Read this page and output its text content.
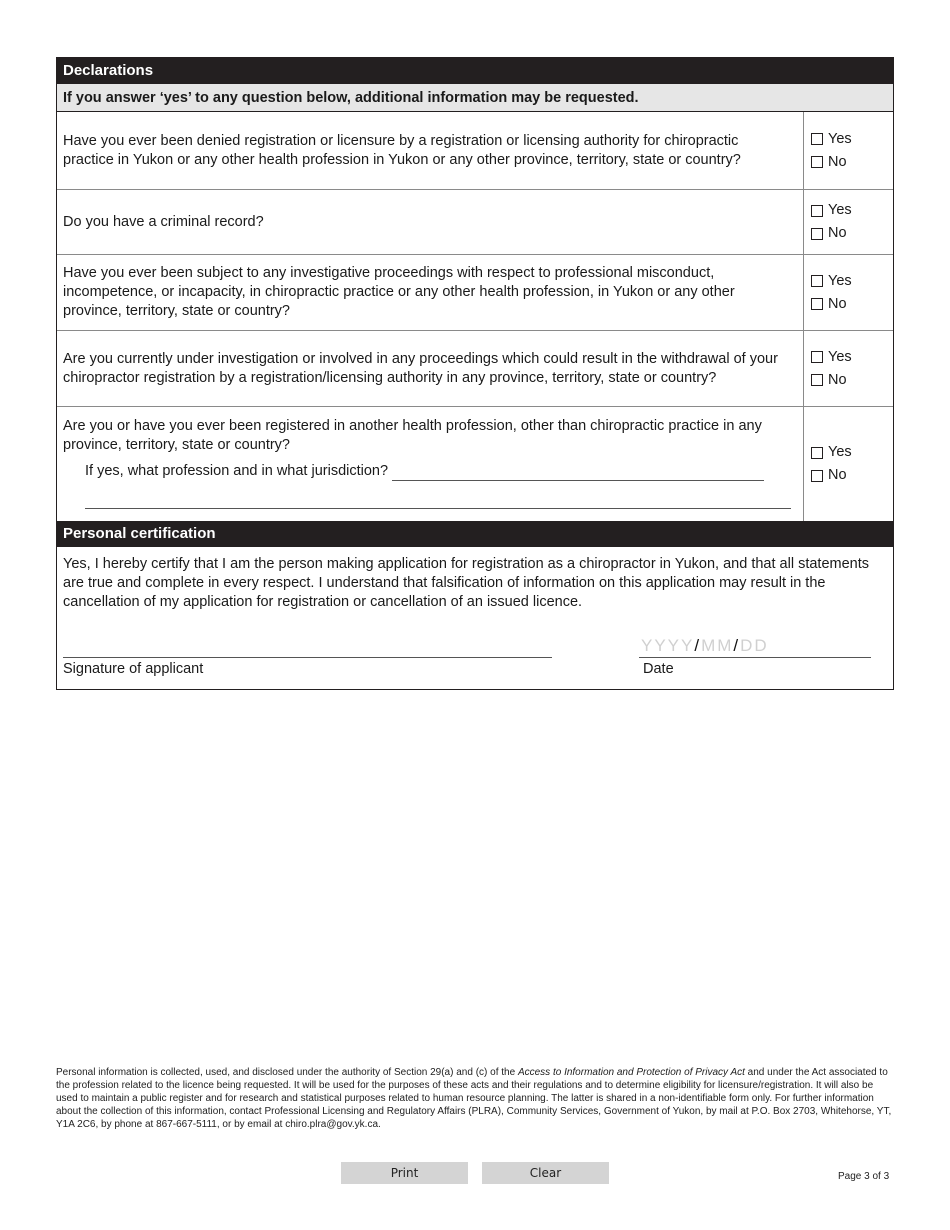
Declarations
If you answer ‘yes’ to any question below, additional information may be requested.
Have you ever been denied registration or licensure by a registration or licensing authority for chiropractic practice in Yukon or any other health profession in Yukon or any other province, territory, state or country?
Yes
No
Do you have a criminal record?
Yes
No
Have you ever been subject to any investigative proceedings with respect to professional misconduct, incompetence, or incapacity, in chiropractic practice or any other health profession, in Yukon or any other province, territory, state or country?
Yes
No
Are you currently under investigation or involved in any proceedings which could result in the withdrawal of your chiropractor registration by a registration/licensing authority in any province, territory, state or country?
Yes
No
Are you or have you ever been registered in another health profession, other than chiropractic practice in any province, territory, state or country?
If yes, what profession and in what jurisdiction?
Yes
No
Personal certification
Yes, I hereby certify that I am the person making application for registration as a chiropractor in Yukon, and that all statements are true and complete in every respect. I understand that falsification of information on this application may result in the cancellation of my application for registration or cancellation of an issued licence.
Signature of applicant
YYYY/MM/DD
Date
Personal information is collected, used, and disclosed under the authority of Section 29(a) and (c) of the Access to Information and Protection of Privacy Act and under the Act associated to the profession related to the licence being requested. It will be used for the purposes of these acts and their regulations and to determine eligibility for licensure/registration. It will also be used to maintain a public register and for research and statistical purposes related to human resource planning. The latter is shared in a non-identifiable form only. For further information about the collection of this information, contact Professional Licensing and Regulatory Affairs (PLRA), Community Services, Government of Yukon, by mail at P.O. Box 2703, Whitehorse, YT, Y1A 2C6, by phone at 867-667-5111, or by email at chiro.plra@gov.yk.ca.
Print	Clear	Page 3 of 3
